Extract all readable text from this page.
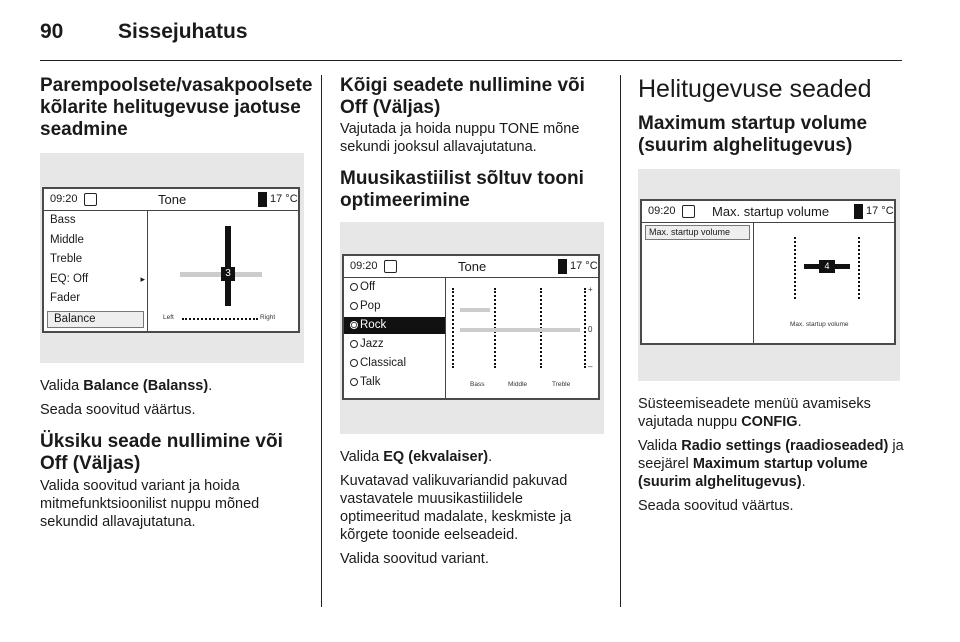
90	Sissejuhatus
Parempoolsete/vasakpoolsete kõlarite helitugevuse jaotuse seadmine
09:20	Tone	17 °C
Bass
Middle
Treble
EQ: Off	▸
Fader
Balance
3
Left	Right

Valida Balance (Balanss).

Seada soovitud väärtus.

Üksiku seade nullimine või Off (Väljas)

Valida soovitud variant ja hoida mitmefunktsioonilist nuppu mõned sekundid allavajutatuna.

Kõigi seadete nullimine või Off (Väljas)

Vajutada ja hoida nuppu TONE mõne sekundi jooksul allavajutatuna.

Muusikastiilist sõltuv tooni optimeerimine
09:20	Tone	17 °C
Off
Pop
Rock
Jazz
Classical
Talk
+
0
–
Bass	Middle	Treble

Valida EQ (ekvalaiser).

Kuvatavad valikuvariandid pakuvad vastavatele muusikastiilidele optimeeritud madalate, keskmiste ja kõrgete toonide eelseadeid.

Valida soovitud variant.

Helitugevuse seaded
Maximum startup volume (suurim alghelitugevus)
09:20	Max. startup volume	17 °C
Max. startup volume
4
Max. startup volume

Süsteemiseadete menüü avamiseks vajutada nuppu CONFIG.

Valida Radio settings (raadioseaded) ja seejärel Maximum startup volume (suurim alghelitugevus).

Seada soovitud väärtus.
